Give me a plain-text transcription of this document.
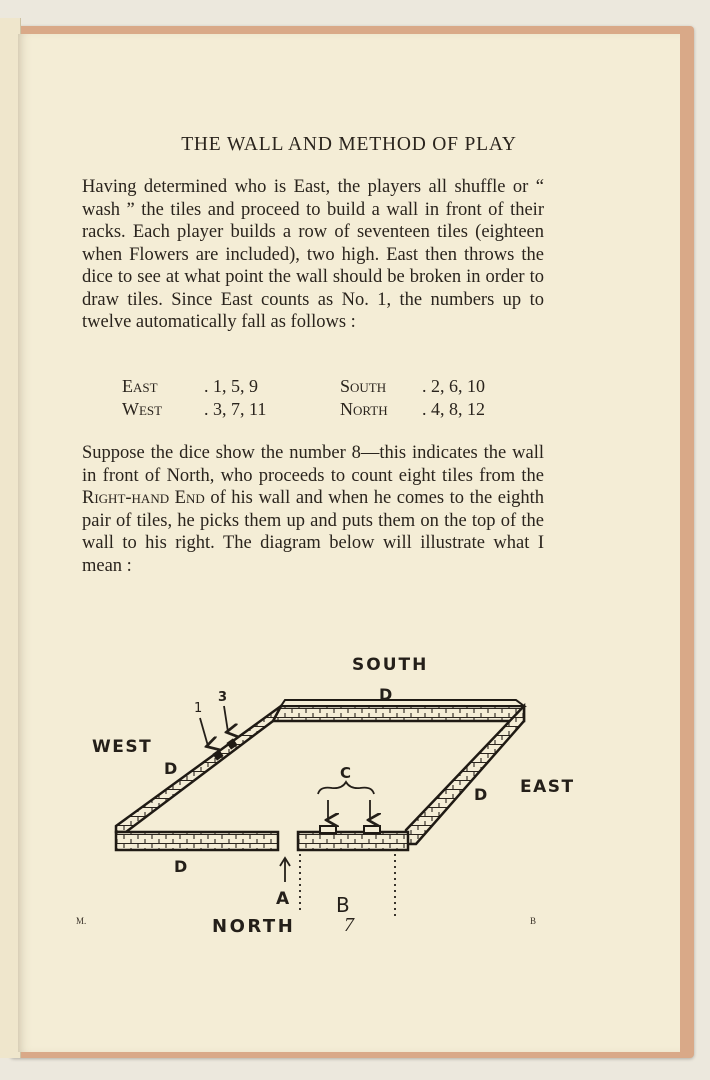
THE WALL AND METHOD OF PLAY
Having determined who is East, the players all shuffle or “ wash ” the tiles and proceed to build a wall in front of their racks. Each player builds a row of seventeen tiles (eighteen when Flowers are included), two high. East then throws the dice to see at what point the wall should be broken in order to draw tiles. Since East counts as No. 1, the numbers up to twelve automatically fall as follows :
East	. 1, 5, 9	South	. 2, 6, 10
West	. 3, 7, 11	North	. 4, 8, 12
Suppose the dice show the number 8—this indicates the wall in front of North, who proceeds to count eight tiles from the Right-hand End of his wall and when he comes to the eighth pair of tiles, he picks them up and puts them on the top of the wall to his right. The diagram below will illustrate what I mean :
SOUTH
D
WEST
D
1
3
C
EAST
D
D
A B
NORTH
M.	B
7
